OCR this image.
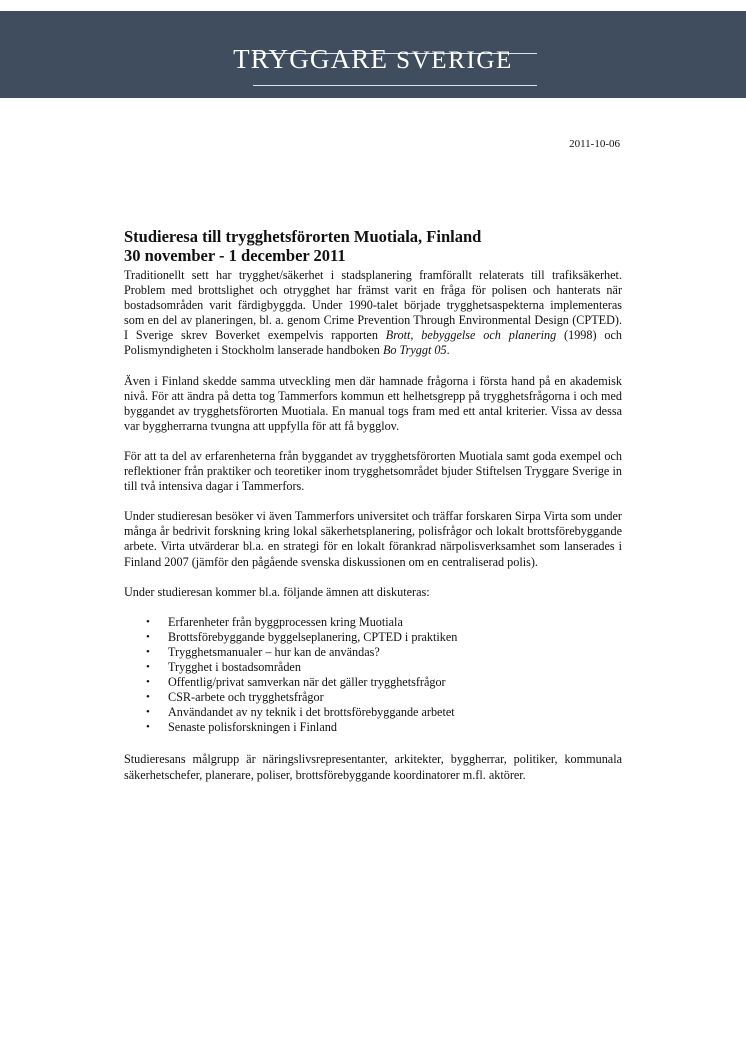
TRYGGARE SVERIGE
2011-10-06
Studieresa till trygghetsförorten Muotiala, Finland
30 november - 1 december 2011

Traditionellt sett har trygghet/säkerhet i stadsplanering framförallt relaterats till trafiksäkerhet. Problem med brottslighet och otrygghet har främst varit en fråga för polisen och hanterats när bostadsområden varit färdigbyggda. Under 1990-talet började trygghetsaspekterna implementeras som en del av planeringen, bl. a. genom Crime Prevention Through Environmental Design (CPTED). I Sverige skrev Boverket exempelvis rapporten Brott, bebyggelse och planering (1998) och Polismyndigheten i Stockholm lanserade handboken Bo Tryggt 05.

Även i Finland skedde samma utveckling men där hamnade frågorna i första hand på en akademisk nivå. För att ändra på detta tog Tammerfors kommun ett helhetsgrepp på trygghetsfrågorna i och med byggandet av trygghetsförorten Muotiala. En manual togs fram med ett antal kriterier. Vissa av dessa var byggherrarna tvungna att uppfylla för att få bygglov.

För att ta del av erfarenheterna från byggandet av trygghetsförorten Muotiala samt goda exempel och reflektioner från praktiker och teoretiker inom trygghetsområdet bjuder Stiftelsen Tryggare Sverige in till två intensiva dagar i Tammerfors.

Under studieresan besöker vi även Tammerfors universitet och träffar forskaren Sirpa Virta som under många år bedrivit forskning kring lokal säkerhetsplanering, polisfrågor och lokalt brottsförebyggande arbete. Virta utvärderar bl.a. en strategi för en lokalt förankrad närpolisverksamhet som lanserades i Finland 2007 (jämför den pågående svenska diskussionen om en centraliserad polis).

Under studieresan kommer bl.a. följande ämnen att diskuteras:

• Erfarenheter från byggprocessen kring Muotiala
• Brottsförebyggande byggelseplanering, CPTED i praktiken
• Trygghetsmanualer – hur kan de användas?
• Trygghet i bostadsområden
• Offentlig/privat samverkan när det gäller trygghetsfrågor
• CSR-arbete och trygghetsfrågor
• Användandet av ny teknik i det brottsförebyggande arbetet
• Senaste polisforskningen i Finland

Studieresans målgrupp är näringslivsrepresentanter, arkitekter, byggherrar, politiker, kommunala säkerhetschefer, planerare, poliser, brottsförebyggande koordinatorer m.fl. aktörer.
